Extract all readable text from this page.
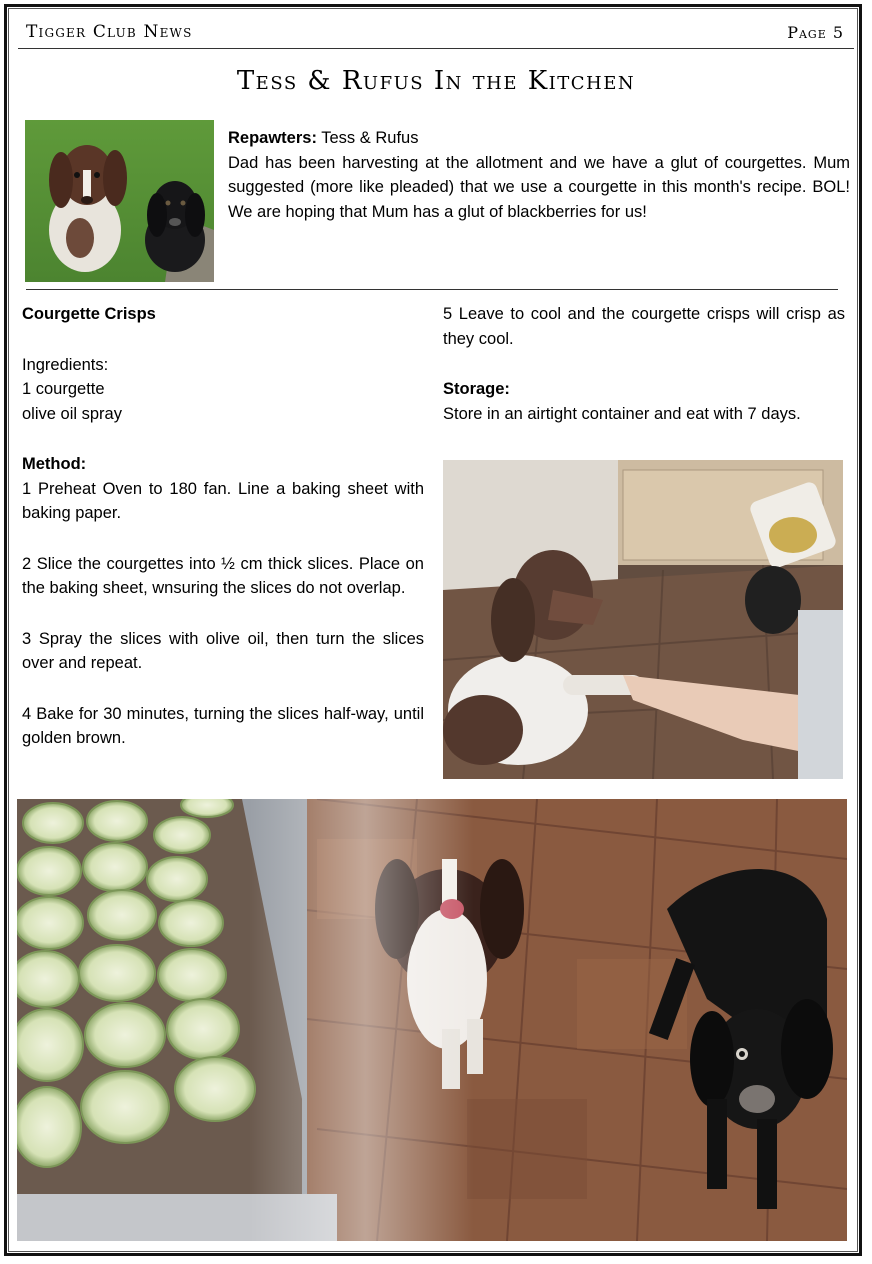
Tigger Club News	Page 5
Tess & Rufus In the Kitchen
Repawters: Tess & Rufus
Dad has been harvesting at the allotment and we have a glut of courgettes. Mum suggested (more like pleaded) that we use a courgette in this month's recipe. BOL! We are hoping that Mum has a glut of blackberries for us!

Courgette Crisps

Ingredients:

1 courgette

olive oil spray

Method:

1 Preheat Oven to 180 fan. Line a baking sheet with baking paper.

2 Slice the courgettes into ½ cm thick slices. Place on the baking sheet, wnsuring the slices do not overlap.

3 Spray the slices with olive oil, then turn the slices over and repeat.

4 Bake for 30 minutes, turning the slices half-way, until golden brown.

5 Leave to cool and the courgette crisps will crisp as they cool.

Storage:

Store in an airtight container and eat with 7 days.
